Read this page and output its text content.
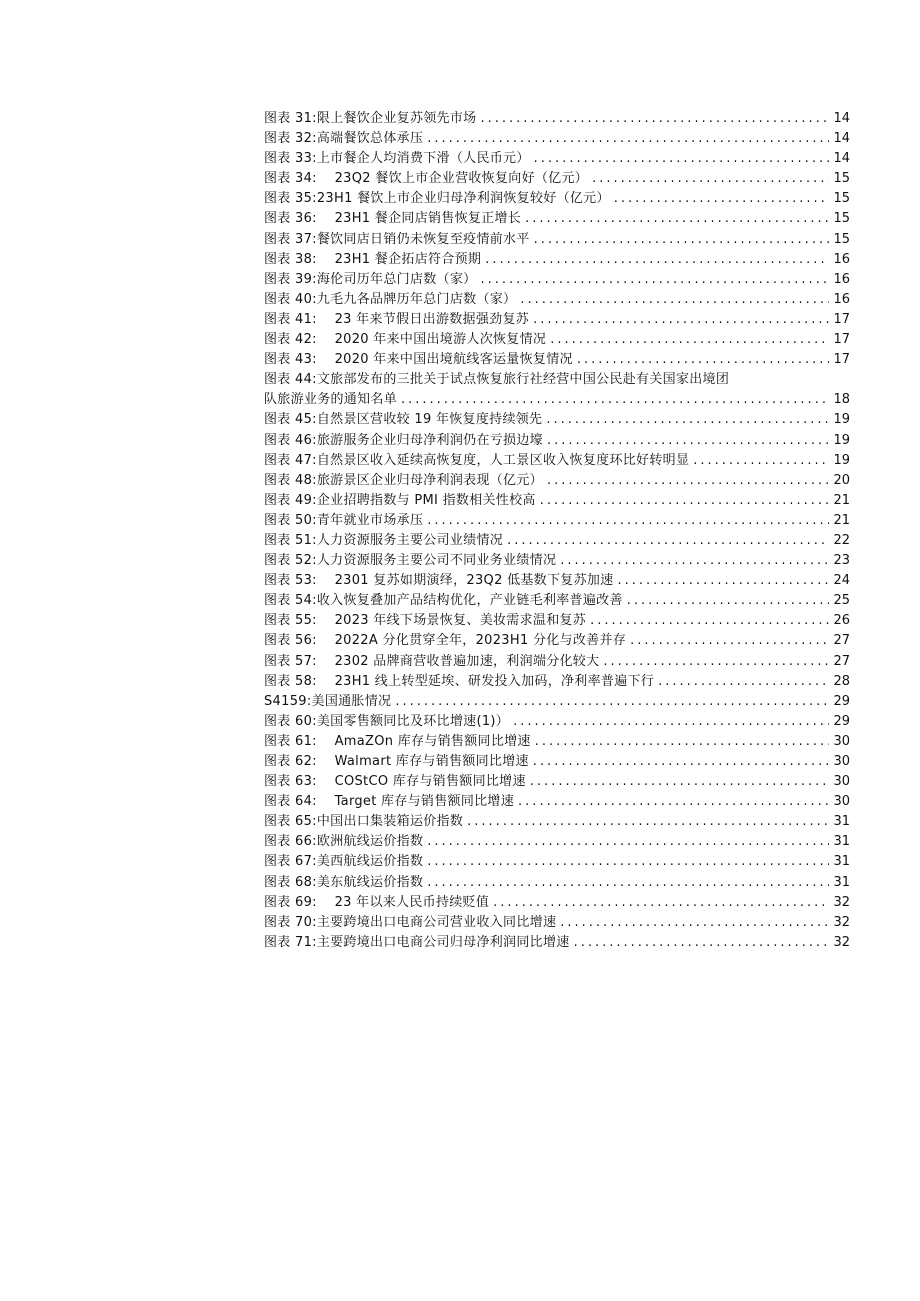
图表 31:限上餐饮企业复苏领先市场 .....	14
图表 32:高端餐饮总体承压 .....	14
图表 33:上市餐企人均消费下滑（人民币元） .....	14
图表 34:　 23Q2 餐饮上市企业营收恢复向好（亿元） .....	15
图表 35:23H1 餐饮上市企业归母净利润恢复较好（亿元） .....	15
图表 36:　 23H1 餐企同店销售恢复正增长 .....	15
图表 37:餐饮同店日销仍未恢复至疫情前水平 .....	15
图表 38:　 23H1 餐企拓店符合预期 .....	16
图表 39:海伦司历年总门店数（家） .....	16
图表 40:九毛九各品牌历年总门店数（家） .....	16
图表 41:　 23 年来节假日出游数据强劲复苏 .....	17
图表 42:　 2020 年来中国出境游人次恢复情况 .....	17
图表 43:　 2020 年来中国出境航线客运量恢复情况 .....	17
图表 44:文旅部发布的三批关于试点恢复旅行社经营中国公民赴有关国家出境团
队旅游业务的通知名单 .....	18
图表 45:自然景区营收较 19 年恢复度持续领先 .....	19
图表 46:旅游服务企业归母净利润仍在亏损边壕 .....	19
图表 47:自然景区收入延续高恢复度，人工景区收入恢复度环比好转明显 .....	19
图表 48:旅游景区企业归母净利润表现（亿元） .....	20
图表 49:企业招聘指数与 PMI 指数相关性校高 .....	21
图表 50:青年就业市场承压 .....	21
图表 51:人力资源服务主要公司业绩情况 .....	22
图表 52:人力资源服务主要公司不同业务业绩情况 .....	23
图表 53:　 2301 复苏如期演绎，23Q2 低基数下复苏加速 .....	24
图表 54:收入恢复叠加产品结构优化，产业链毛利率普遍改善 .....	25
图表 55:　 2023 年线下场景恢复、美妆需求温和复苏 .....	26
图表 56:　 2022A 分化贯穿全年，2023H1 分化与改善并存 .....	27
图表 57:　 2302 品牌商营收普遍加速，利润端分化较大 .....	27
图表 58:　 23H1 线上转型延埃、研发投入加码，净利率普遍下行 .....	28
S4159:美国通胀情况 .....	29
图表 60:美国零售额同比及环比增速(1)） .....	29
图表 61:　 AmaZOn 库存与销售额同比增速 .....	30
图表 62:　 Walmart 库存与销售额同比增速 .....	30
图表 63:　 COStCO 库存与销售额同比增速 .....	30
图表 64:　 Target 库存与销售额同比增速 .....	30
图表 65:中国出口集装箱运价指数 .....	31
图表 66:欧洲航线运价指数 .....	31
图表 67:美西航线运价指数 .....	31
图表 68:美东航线运价指数 .....	31
图表 69:　 23 年以来人民币持续贬值 .....	32
图表 70:主要跨境出口电商公司营业收入同比增速 .....	32
图表 71:主要跨境出口电商公司归母净利润同比增速 .....	32
